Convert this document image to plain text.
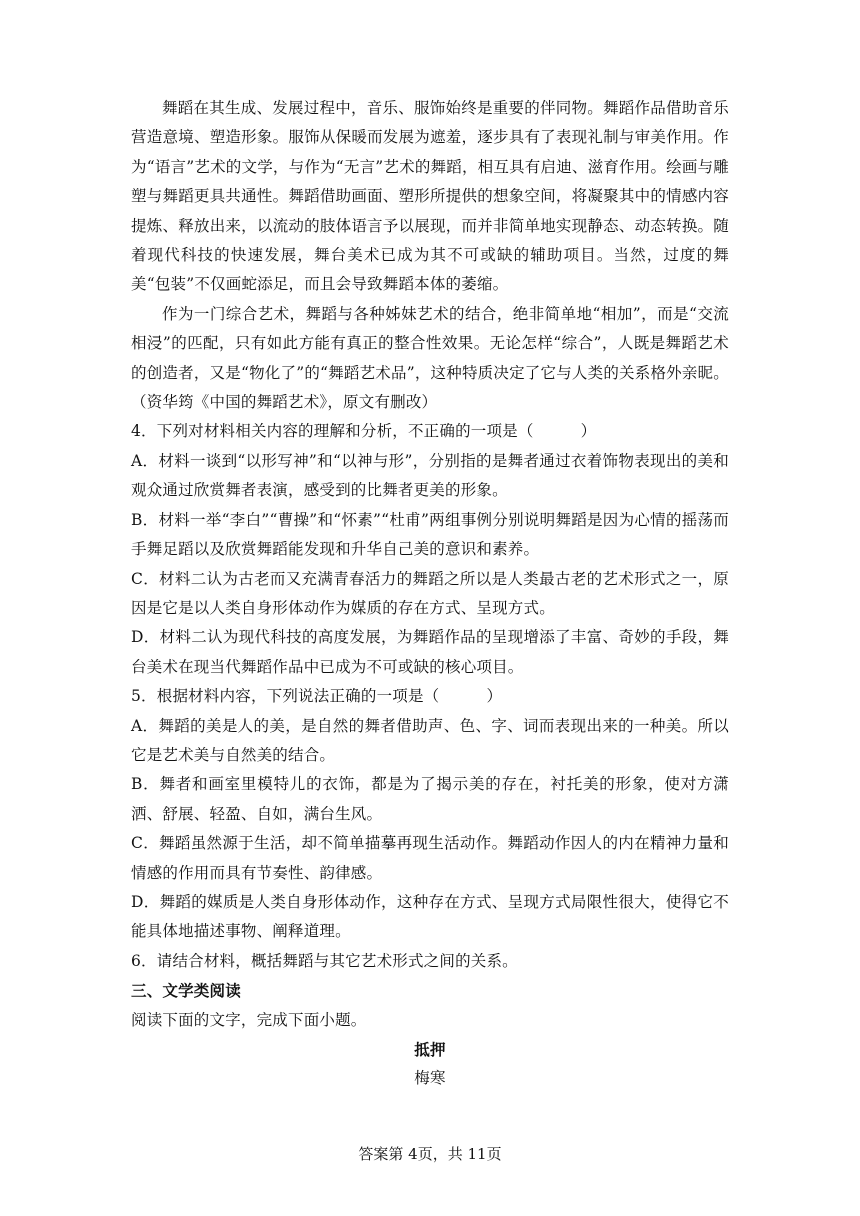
舞蹈在其生成、发展过程中，音乐、服饰始终是重要的伴同物。舞蹈作品借助音乐营造意境、塑造形象。服饰从保暖而发展为遮羞，逐步具有了表现礼制与审美作用。作为“语言”艺术的文学，与作为“无言”艺术的舞蹈，相互具有启迪、滋育作用。绘画与雕塑与舞蹈更具共通性。舞蹈借助画面、塑形所提供的想象空间，将凝聚其中的情感内容提炼、释放出来，以流动的肢体语言予以展现，而并非简单地实现静态、动态转换。随着现代科技的快速发展，舞台美术已成为其不可或缺的辅助项目。当然，过度的舞美“包装”不仅画蛇添足，而且会导致舞蹈本体的萎缩。

作为一门综合艺术，舞蹈与各种姊妹艺术的结合，绝非简单地“相加”，而是“交流相浸”的匹配，只有如此方能有真正的整合性效果。无论怎样“综合”，人既是舞蹈艺术的创造者，又是“物化了”的“舞蹈艺术品”，这种特质决定了它与人类的关系格外亲昵。（资华筠《中国的舞蹈艺术》，原文有删改）

4．下列对材料相关内容的理解和分析，不正确的一项是（　　　）

A．材料一谈到“以形写神”和“以神与形”，分别指的是舞者通过衣着饰物表现出的美和观众通过欣赏舞者表演，感受到的比舞者更美的形象。

B．材料一举“李白”“曹操”和“怀素”“杜甫”两组事例分别说明舞蹈是因为心情的摇荡而手舞足蹈以及欣赏舞蹈能发现和升华自己美的意识和素养。

C．材料二认为古老而又充满青春活力的舞蹈之所以是人类最古老的艺术形式之一，原因是它是以人类自身形体动作为媒质的存在方式、呈现方式。

D．材料二认为现代科技的高度发展，为舞蹈作品的呈现增添了丰富、奇妙的手段，舞台美术在现当代舞蹈作品中已成为不可或缺的核心项目。

5．根据材料内容，下列说法正确的一项是（　　　）

A．舞蹈的美是人的美，是自然的舞者借助声、色、字、词而表现出来的一种美。所以它是艺术美与自然美的结合。

B．舞者和画室里模特儿的衣饰，都是为了揭示美的存在，衬托美的形象，使对方潇洒、舒展、轻盈、自如，满台生风。

C．舞蹈虽然源于生活，却不简单描摹再现生活动作。舞蹈动作因人的内在精神力量和情感的作用而具有节奏性、韵律感。

D．舞蹈的媒质是人类自身形体动作，这种存在方式、呈现方式局限性很大，使得它不能具体地描述事物、阐释道理。

6．请结合材料，概括舞蹈与其它艺术形式之间的关系。

三、文学类阅读

阅读下面的文字，完成下面小题。

抵押

梅寒

答案第 4页，共 11页
